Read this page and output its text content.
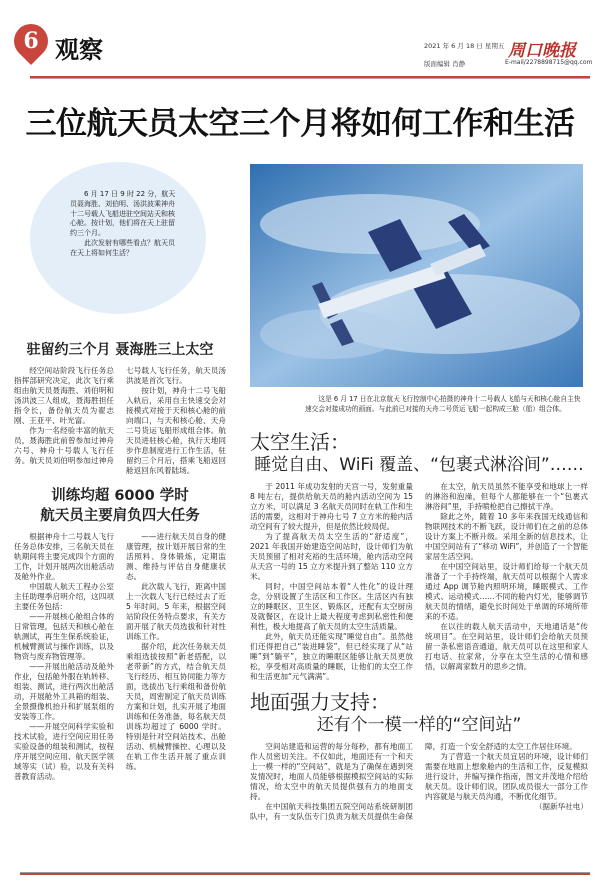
6 观察	2021 年 6 月 18 日 星期五 周口晚报
版面编辑 肖静	E-mail/2278898715@qq.com
三位航天员太空三个月将如何工作和生活

6 月 17 日 9 时 22 分，航天员聂海胜、刘伯明、汤洪波乘神舟十二号载人飞船进驻空间站天和核心舱。按计划，他们将在天上驻留约三个月。

此次发射有哪些看点？航天员在天上将如何生活？

驻留约三个月 聂海胜三上太空

经空间站阶段飞行任务总指挥部研究决定，此次飞行乘组由航天员聂海胜、刘伯明和汤洪波三人组成，聂海胜担任指令长，备份航天员为翟志刚、王亚平、叶光富。

作为一名经验丰富的航天员，聂海胜此前曾参加过神舟六号、神舟十号载人飞行任务。航天员刘伯明参加过神舟七号载人飞行任务，航天员汤洪波是首次飞行。

按计划，神舟十二号飞船入轨后，采用自主快速交会对接模式对接于天和核心舱的前向端口，与天和核心舱、天舟二号货运飞船形成组合体。航天员进驻核心舱，执行天地同步作息制度进行工作生活，驻留约三个月后，搭乘飞船返回舱返回东风着陆场。

训练均超 6000 学时
航天员主要肩负四大任务

根据神舟十二号载人飞行任务总体安排，三名航天员在轨期间将主要完成四个方面的工作，计划开展两次出舱活动及舱外作业。

中国载人航天工程办公室主任助理季启明介绍，这四项主要任务包括：

——开展核心舱组合体的日常管理，包括天和核心舱在轨测试，再生生保系统验证，机械臂测试与操作训练，以及物资与废弃物管理等。

——开展出舱活动及舱外作业，包括舱外服在轨转移、组装、测试，进行两次出舱活动，开展舱外工具箱的组装、全景摄像机抬升和扩展泵组的安装等工作。

——开展空间科学实验和技术试验，进行空间应用任务实验设备的组装和测试，按程序开展空间应用、航天医学领域等实（试）验，以及有关科普教育活动。

——进行航天员自身的健康管理，按计划开展日常的生活照料、身体锻炼，定期监测、维持与评估自身健康状态。

此次载人飞行，距离中国上一次载人飞行已经过去了近 5 年时间。5 年来，根据空间站阶段任务特点要求，有关方面开展了航天员选拔和针对性训练工作。

据介绍，此次任务航天员乘组选拔按照“新老搭配，以老带新”的方式，结合航天员飞行经历、相互协同能力等方面，选拔出飞行乘组和备份航天员，周密制定了航天员训练方案和计划，扎实开展了地面训练和任务准备，每名航天员训练均超过了 6000 学时。特别是针对空间站技术、出舱活动、机械臂操控、心理以及在轨工作生活开展了重点训练。

这是 6 月 17 日在北京航天飞行控制中心拍摄的神舟十二号载人飞船与天和核心舱自主快速交会对接成功的画面。与此前已对接的天舟二号货运飞船一起构成三舱（船）组合体。

太空生活：
睡觉自由、WiFi 覆盖、“包裹式淋浴间”……

于 2011 年成功发射的天宫一号，发射重量 8 吨左右，提供给航天员的舱内活动空间为 15 立方米，可以满足 3 名航天员同时在轨工作和生活的需要，这相对于神舟七号 7 立方米的舱内活动空间有了较大提升，但是依然比较局促。

为了提高航天员太空生活的“舒适度”，2021 年我国开始建造空间站时，设计师们为航天员预留了相对充裕的生活环境，舱内活动空间从天宫一号的 15 立方米提升到了整站 110 立方米。

同时，中国空间站本着“人性化”的设计理念，分别设置了生活区和工作区。生活区内有独立的睡眠区、卫生区、锻炼区，还配有太空厨房及就餐区，在设计上最大程度考虑到私密性和便利性，极大地提高了航天员的太空生活质量。

此外，航天员还能实现“睡觉自由”。虽然他们还得把自己“装进睡袋”，但已经实现了从“站睡”到“躺平”，独立的睡眠区能够让航天员更放松，享受相对高质量的睡眠，让他们的太空工作和生活更加“元气满满”。

在太空，航天员虽然不能享受和地球上一样的淋浴和泡澡，但每个人都能够在一个“包裹式淋浴间”里，手持喷枪把自己擦拭干净。

除此之外，随着 10 多年来我国无线通信和物联网技术的不断飞跃，设计师们在之前的总体设计方案上不断升级。采用全新的信息技术，让中国空间站有了“移动 WiFi”，并创造了一个智能家居生活空间。

在中国空间站里，设计师们给每一个航天员准备了一个手持终端，航天员可以根据个人需求通过 App 调节舱内照明环境，睡眠模式、工作模式、运动模式……不同的舱内灯光，能够调节航天员的情绪，避免长时间处于单调的环境所带来的不适。

在以往的载人航天活动中，天地通话是“传统项目”。在空间站里，设计师们会给航天员预留一条私密语音通道，航天员可以在这里和家人打电话、拉家常，分享在太空生活的心情和感悟，以解离家数月的思乡之情。

地面强力支持：
还有个一模一样的“空间站”

空间站建造和运营的每分每秒，都有地面工作人员密切关注。不仅如此，地面还有一个和天上一模一样的“空间站”，就是为了确保在遇到突发情况时，地面人员能够根据模拟空间站的实际情况，给太空中的航天员提供强有力的地面支持。

在中国航天科技集团五院空间站系统研制团队中，有一支队伍专门负责为航天员提供生命保障，打造一个安全舒适的太空工作居住环境。

为了营造一个航天员宜居的环境，设计师们需要在地面上想象舱内的生活和工作，反复模拟进行设计，并编写操作指南，图文并茂地介绍给航天员。设计师们说，团队成员很大一部分工作内容就是与航天员沟通，不断优化细节。

（据新华社电）
